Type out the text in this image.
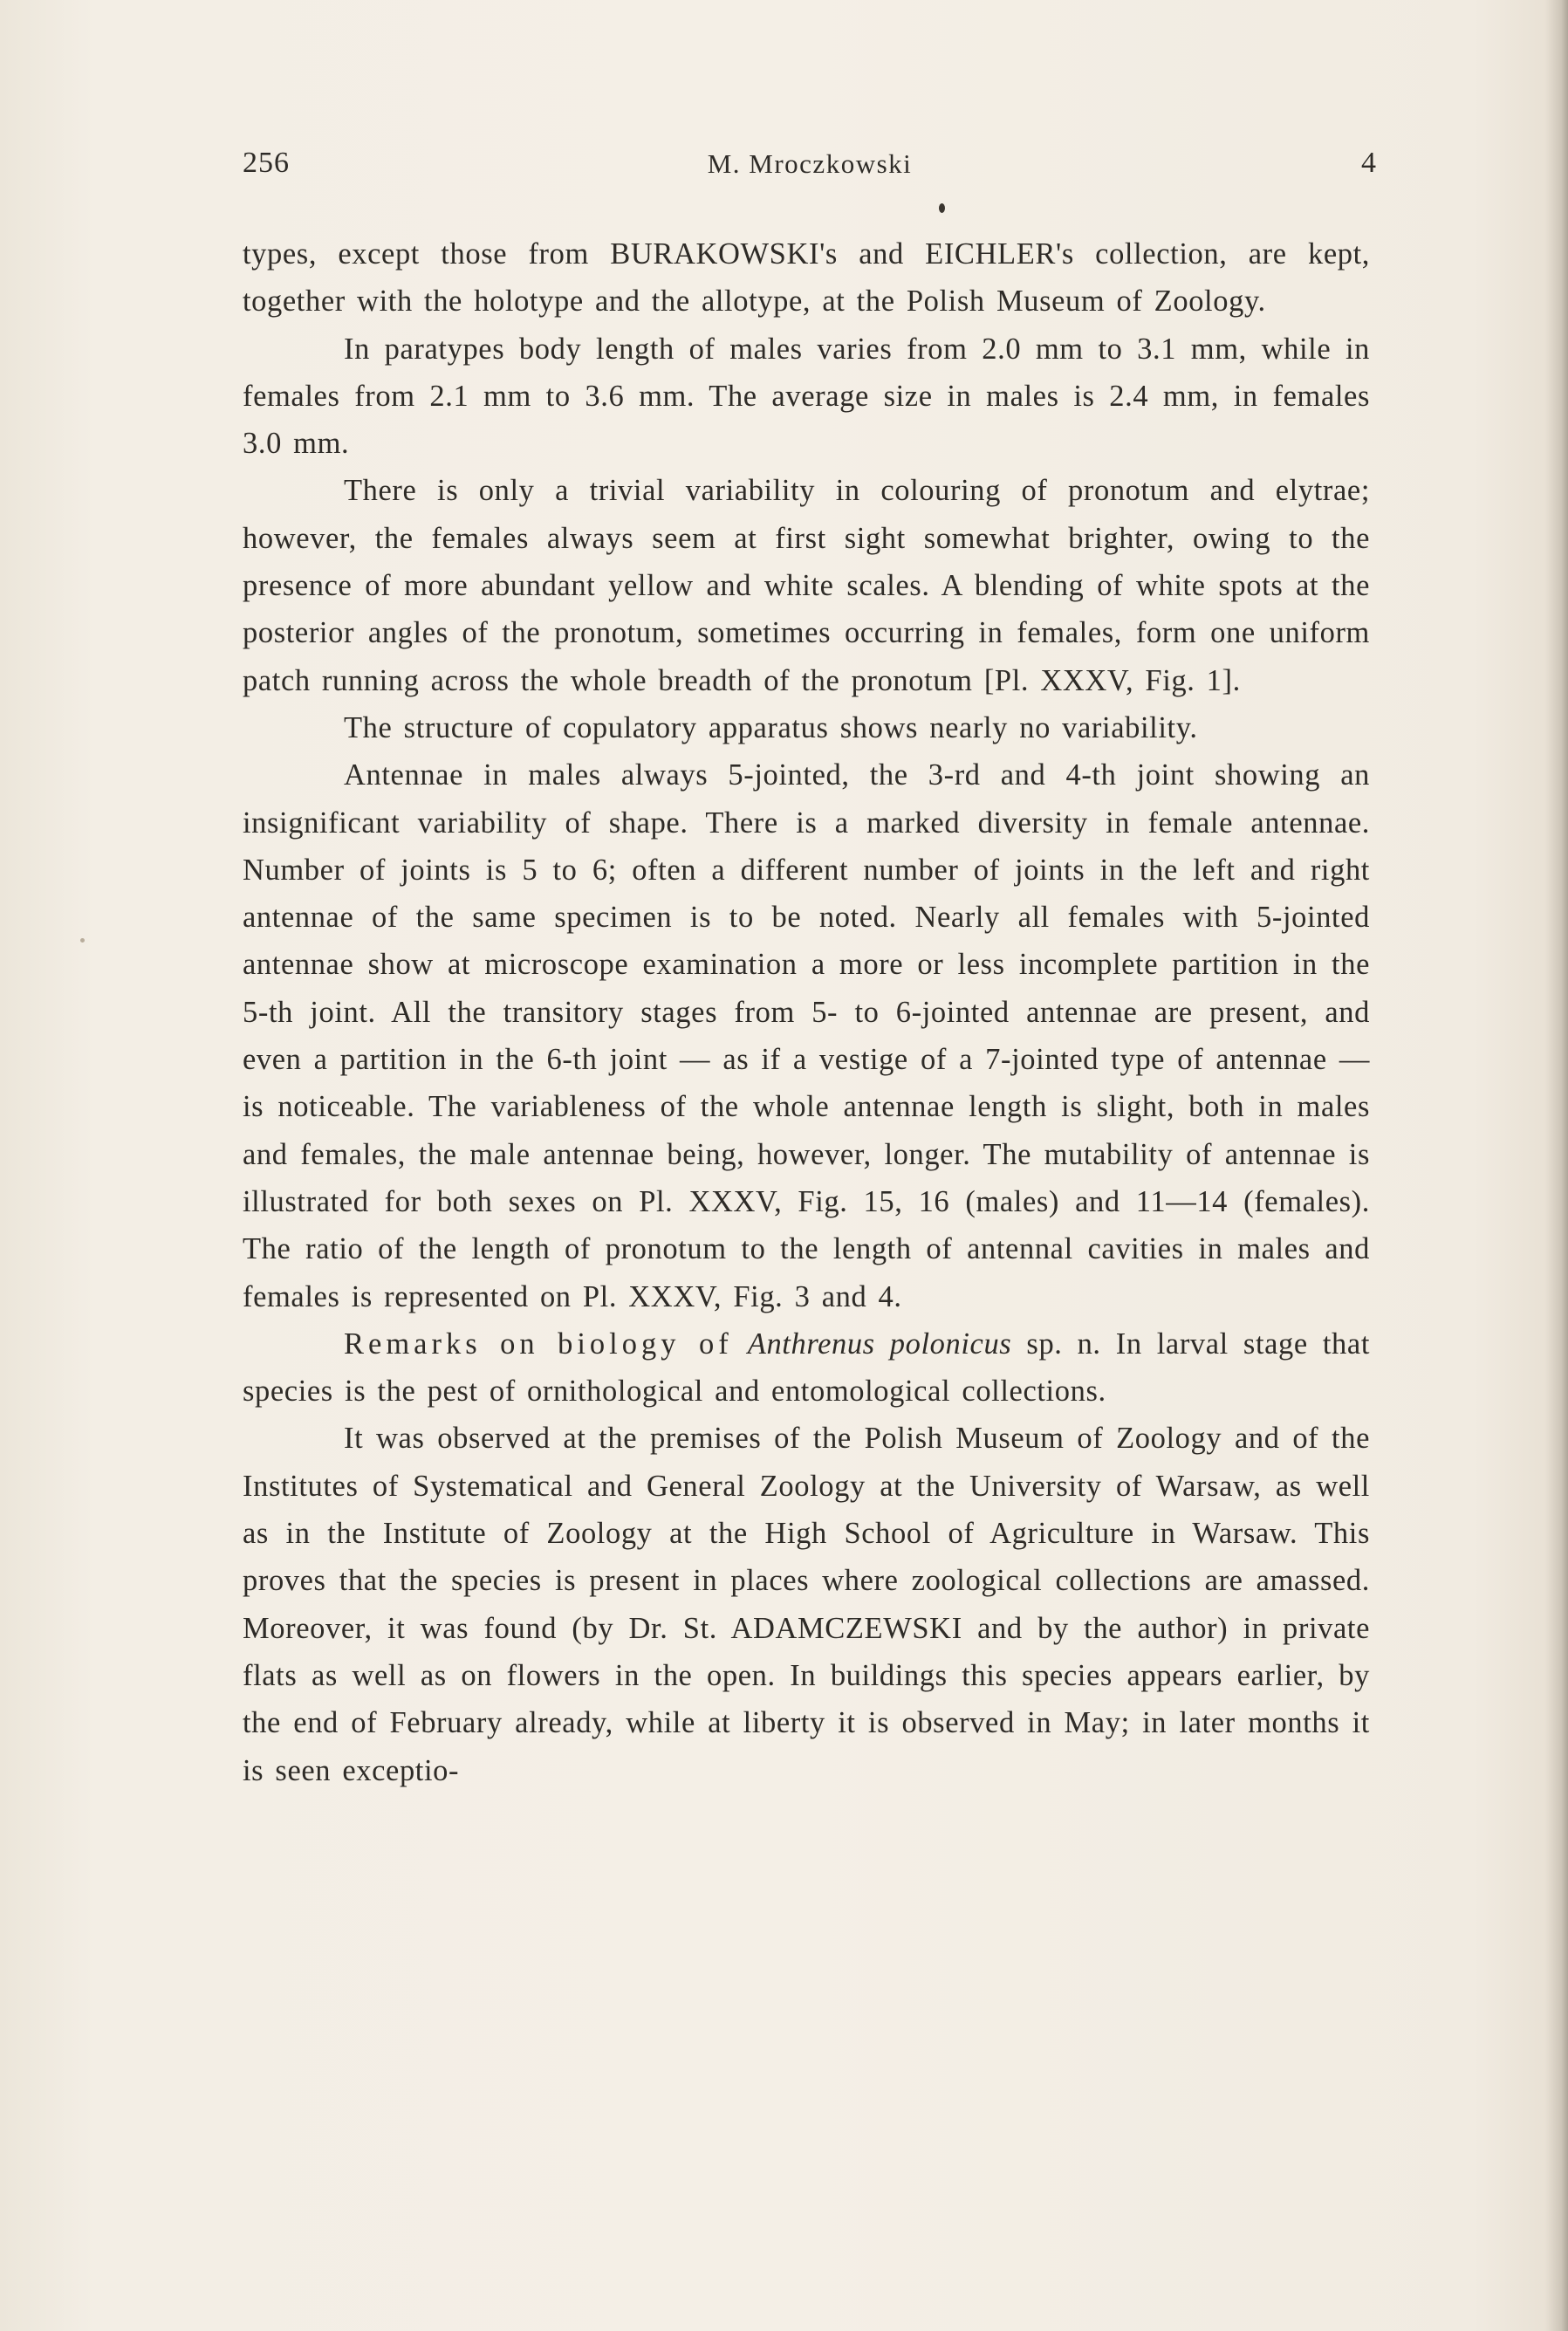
256	M. Mroczkowski	4

types, except those from BURAKOWSKI's and EICHLER's collection, are kept, together with the holotype and the allotype, at the Polish Museum of Zoology.

In paratypes body length of males varies from 2.0 mm to 3.1 mm, while in females from 2.1 mm to 3.6 mm. The average size in males is 2.4 mm, in females 3.0 mm.

There is only a trivial variability in colouring of pronotum and elytrae; however, the females always seem at first sight somewhat brighter, owing to the presence of more abundant yellow and white scales. A blending of white spots at the posterior angles of the pronotum, sometimes occurring in females, form one uniform patch running across the whole breadth of the pronotum [Pl. XXXV, Fig. 1].

The structure of copulatory apparatus shows nearly no variability.

Antennae in males always 5-jointed, the 3-rd and 4-th joint showing an insignificant variability of shape. There is a marked diversity in female antennae. Number of joints is 5 to 6; often a different number of joints in the left and right antennae of the same specimen is to be noted. Nearly all females with 5-jointed antennae show at microscope examination a more or less incomplete partition in the 5-th joint. All the transitory stages from 5- to 6-jointed antennae are present, and even a partition in the 6-th joint — as if a vestige of a 7-jointed type of antennae — is noticeable. The variableness of the whole antennae length is slight, both in males and females, the male antennae being, however, longer. The mutability of antennae is illustrated for both sexes on Pl. XXXV, Fig. 15, 16 (males) and 11—14 (females). The ratio of the length of pronotum to the length of antennal cavities in males and females is represented on Pl. XXXV, Fig. 3 and 4.

Remarks on biology of Anthrenus polonicus sp. n. In larval stage that species is the pest of ornithological and entomological collections.

It was observed at the premises of the Polish Museum of Zoology and of the Institutes of Systematical and General Zoology at the University of Warsaw, as well as in the Institute of Zoology at the High School of Agriculture in Warsaw. This proves that the species is present in places where zoological collections are amassed. Moreover, it was found (by Dr. St. ADAMCZEWSKI and by the author) in private flats as well as on flowers in the open. In buildings this species appears earlier, by the end of February already, while at liberty it is observed in May; in later months it is seen exceptio-
